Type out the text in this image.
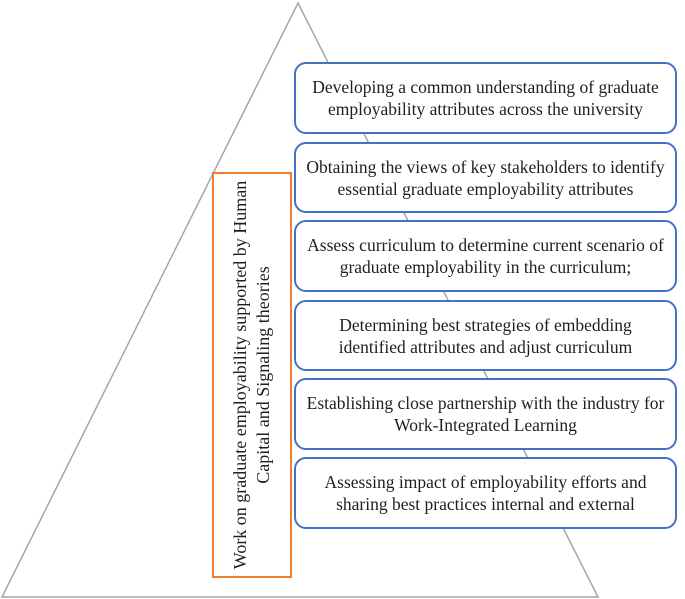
Work on graduate employability supported by Human Capital and Signaling theories
Developing a common understanding of graduate employability attributes across the university
Obtaining the views of key stakeholders to identify essential graduate employability attributes
Assess curriculum to determine current scenario of graduate employability in the curriculum;
Determining best strategies of embedding identified attributes and adjust curriculum
Establishing close partnership with the industry for Work-Integrated Learning
Assessing impact of employability efforts and sharing best practices internal and external
